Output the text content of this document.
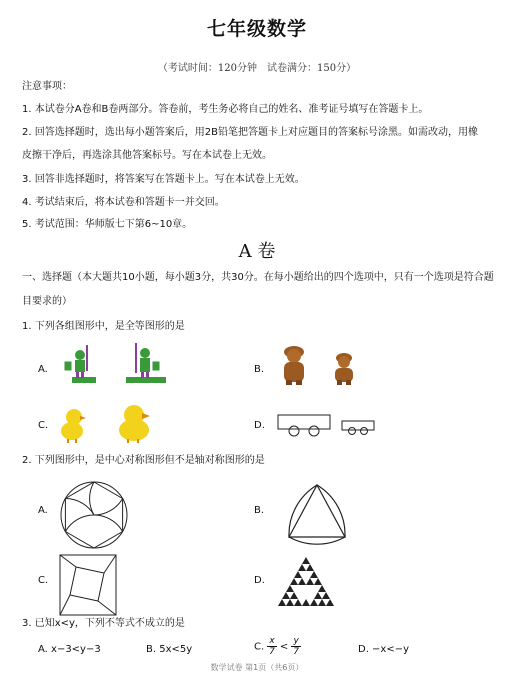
七年级数学
（考试时间：120分钟　试卷满分：150分）
注意事项：
1. 本试卷分A卷和B卷两部分。答卷前，考生务必将自己的姓名、准考证号填写在答题卡上。
2. 回答选择题时，选出每小题答案后，用2B铅笔把答题卡上对应题目的答案标号涂黑。如需改动，用橡
皮擦干净后，再选涂其他答案标号。写在本试卷上无效。
3. 回答非选择题时，将答案写在答题卡上。写在本试卷上无效。
4. 考试结束后，将本试卷和答题卡一并交回。
5. 考试范围：华师版七下第6~10章。
A 卷
一、选择题（本大题共10小题，每小题3分，共30分。在每小题给出的四个选项中，只有一个选项是符合题
目要求的）
1. 下列各组图形中，是全等图形的是
A.	B.
C.	D.
2. 下列图形中，是中心对称图形但不是轴对称图形的是
A.	B.
C.	D.
3. 已知x<y，下列不等式不成立的是
A. x−3<y−3	B. 5x<5y	C. $\frac{x}{7} < \frac{y}{7}$	D. −x<−y
数学试卷 第1页（共6页）
